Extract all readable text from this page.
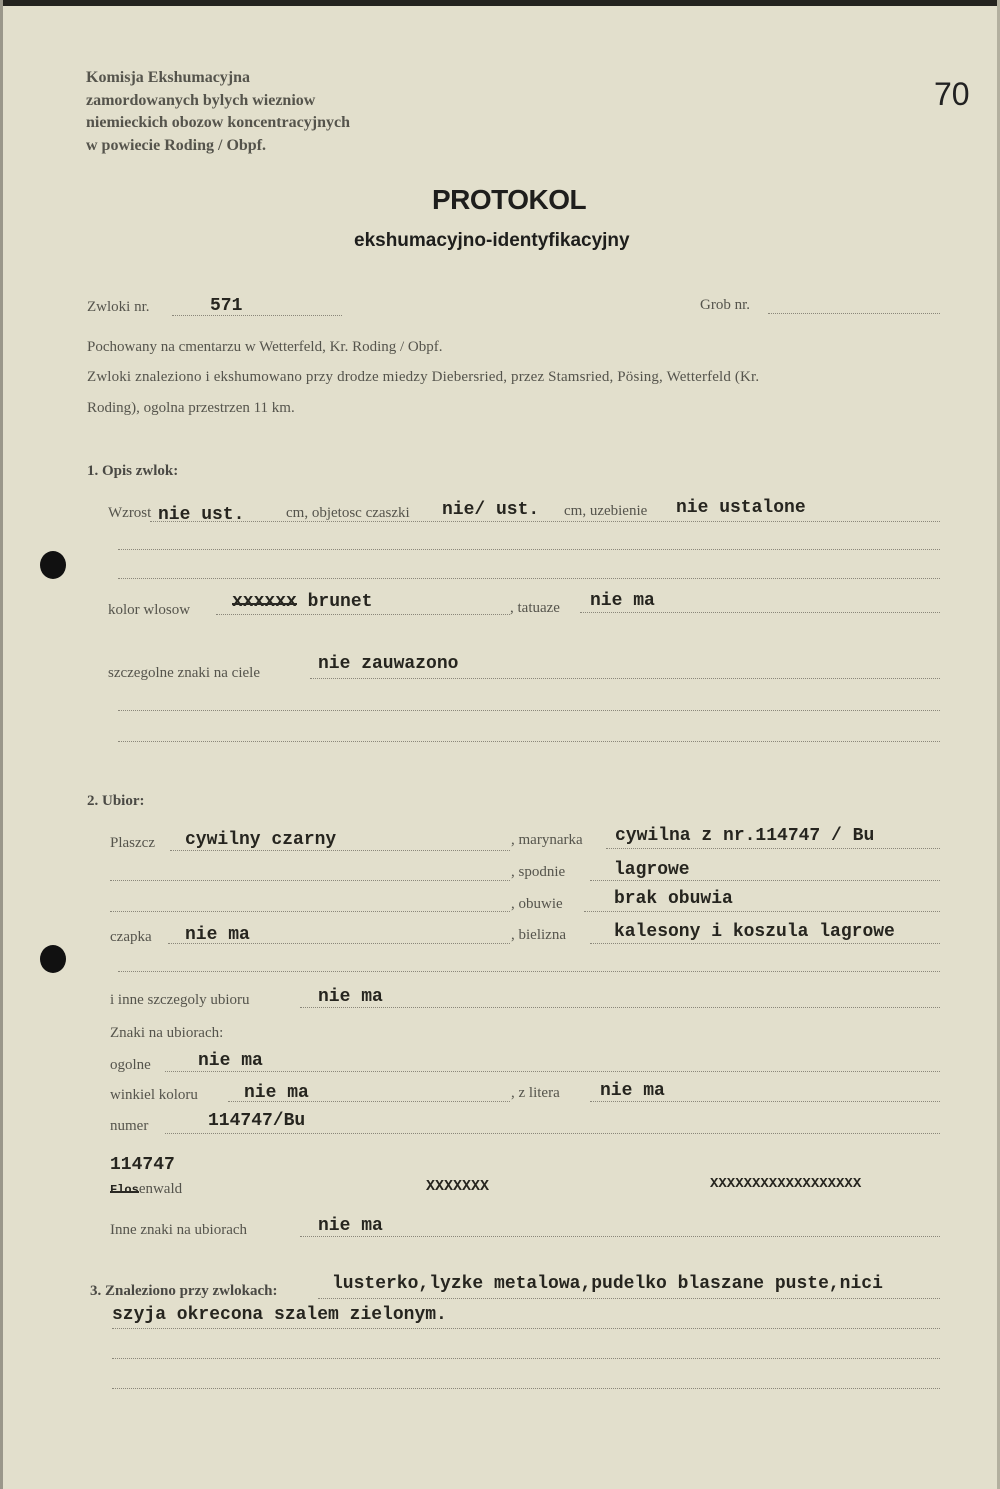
Komisja Ekshumacyjna
zamordowanych bylych wiezniow
niemieckich obozow koncentracyjnych
w powiecie Roding / Obpf.
70
PROTOKOL
ekshumacyjno-identyfikacyjny
Zwloki nr.	571	Grob nr.
Pochowany na cmentarzu w Wetterfeld, Kr. Roding / Obpf.
Zwloki znaleziono i ekshumowano przy drodze miedzy Diebersried, przez Stamsried, Pösing, Wetterfeld (Kr.
Roding), ogolna przestrzen 11 km.
1. Opis zwlok:
Wzrost nie ust.	cm, objetosc czaszki nie/ ust. cm, uzebienie nie ustalone
kolor wlosow xxxxxx brunet	, tatuaze nie ma
szczegolne znaki na ciele	nie zauwazono
2. Ubior:
Plaszcz cywilny czarny	, marynarka cywilna z nr.114747 / Bu
, spodnie	lagrowe
, obuwie	brak obuwia
czapka nie ma	, bielizna	kalesony i koszula lagrowe
i inne szczegoly ubioru	nie ma
Znaki na ubiorach:
ogolne	nie ma
winkiel koloru	nie ma	, z litera nie ma
numer	114747/Bu
114747
Flosenwald	XXXXXXX	XXXXXXXXXXXXXXXXXX
Inne znaki na ubiorach	nie ma
3. Znaleziono przy zwlokach:	lusterko,lyzke metalowa,pudelko blaszane puste,nici
szyja okrecona szalem zielonym.
